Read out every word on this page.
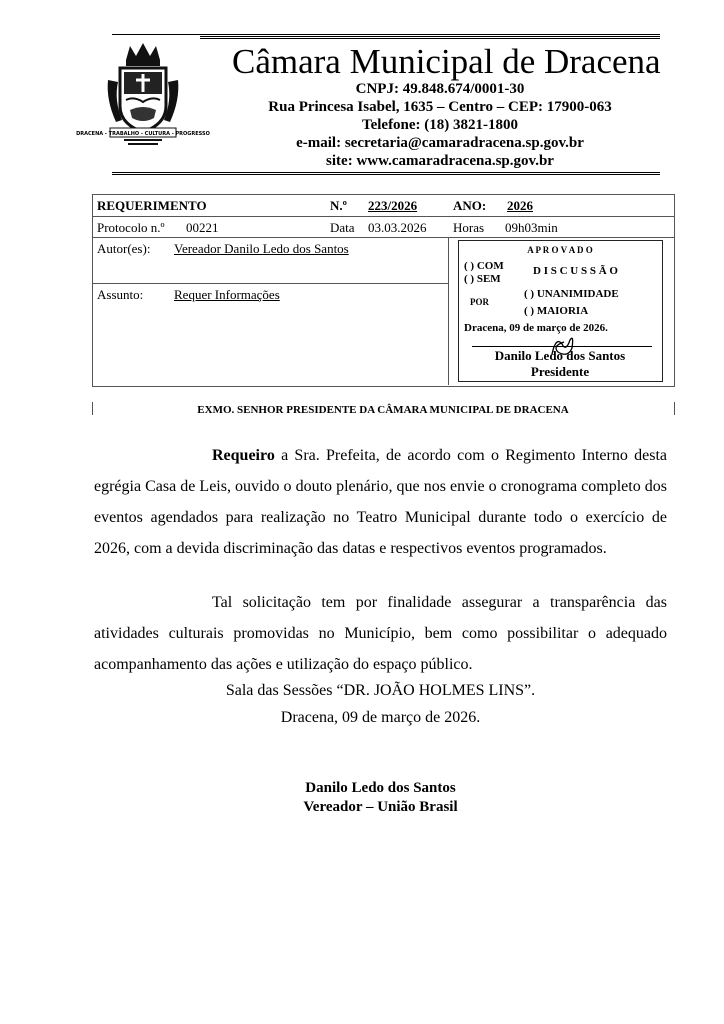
DRACENA - TRABALHO - CULTURA - PROGRESSO
Câmara Municipal de Dracena
CNPJ: 49.848.674/0001-30
Rua Princesa Isabel, 1635 – Centro – CEP: 17900-063
Telefone: (18) 3821-1800
e-mail: secretaria@camaradracena.sp.gov.br
site: www.camaradracena.sp.gov.br
REQUERIMENTO	N.º 223/2026	ANO: 2026
Protocolo n.º 00221	Data 03.03.2026 Horas 09h03min
Autor(es): Vereador Danilo Ledo dos Santos
Assunto: Requer Informações
A P R O V A D O
( ) COM
( ) SEM
D I S C U S S Ã O
POR
( ) UNANIMIDADE
( ) MAIORIA
Dracena, 09 de março de 2026.
Danilo Ledo dos Santos
Presidente
EXMO. SENHOR PRESIDENTE DA CÂMARA MUNICIPAL DE DRACENA
Requeiro a Sra. Prefeita, de acordo com o Regimento Interno desta egrégia Casa de Leis, ouvido o douto plenário, que nos envie o cronograma completo dos eventos agendados para realização no Teatro Municipal durante todo o exercício de 2026, com a devida discriminação das datas e respectivos eventos programados.
Tal solicitação tem por finalidade assegurar a transparência das atividades culturais promovidas no Município, bem como possibilitar o adequado acompanhamento das ações e utilização do espaço público.
Sala das Sessões “DR. JOÃO HOLMES LINS”.
Dracena, 09 de março de 2026.
Danilo Ledo dos Santos
Vereador – União Brasil
